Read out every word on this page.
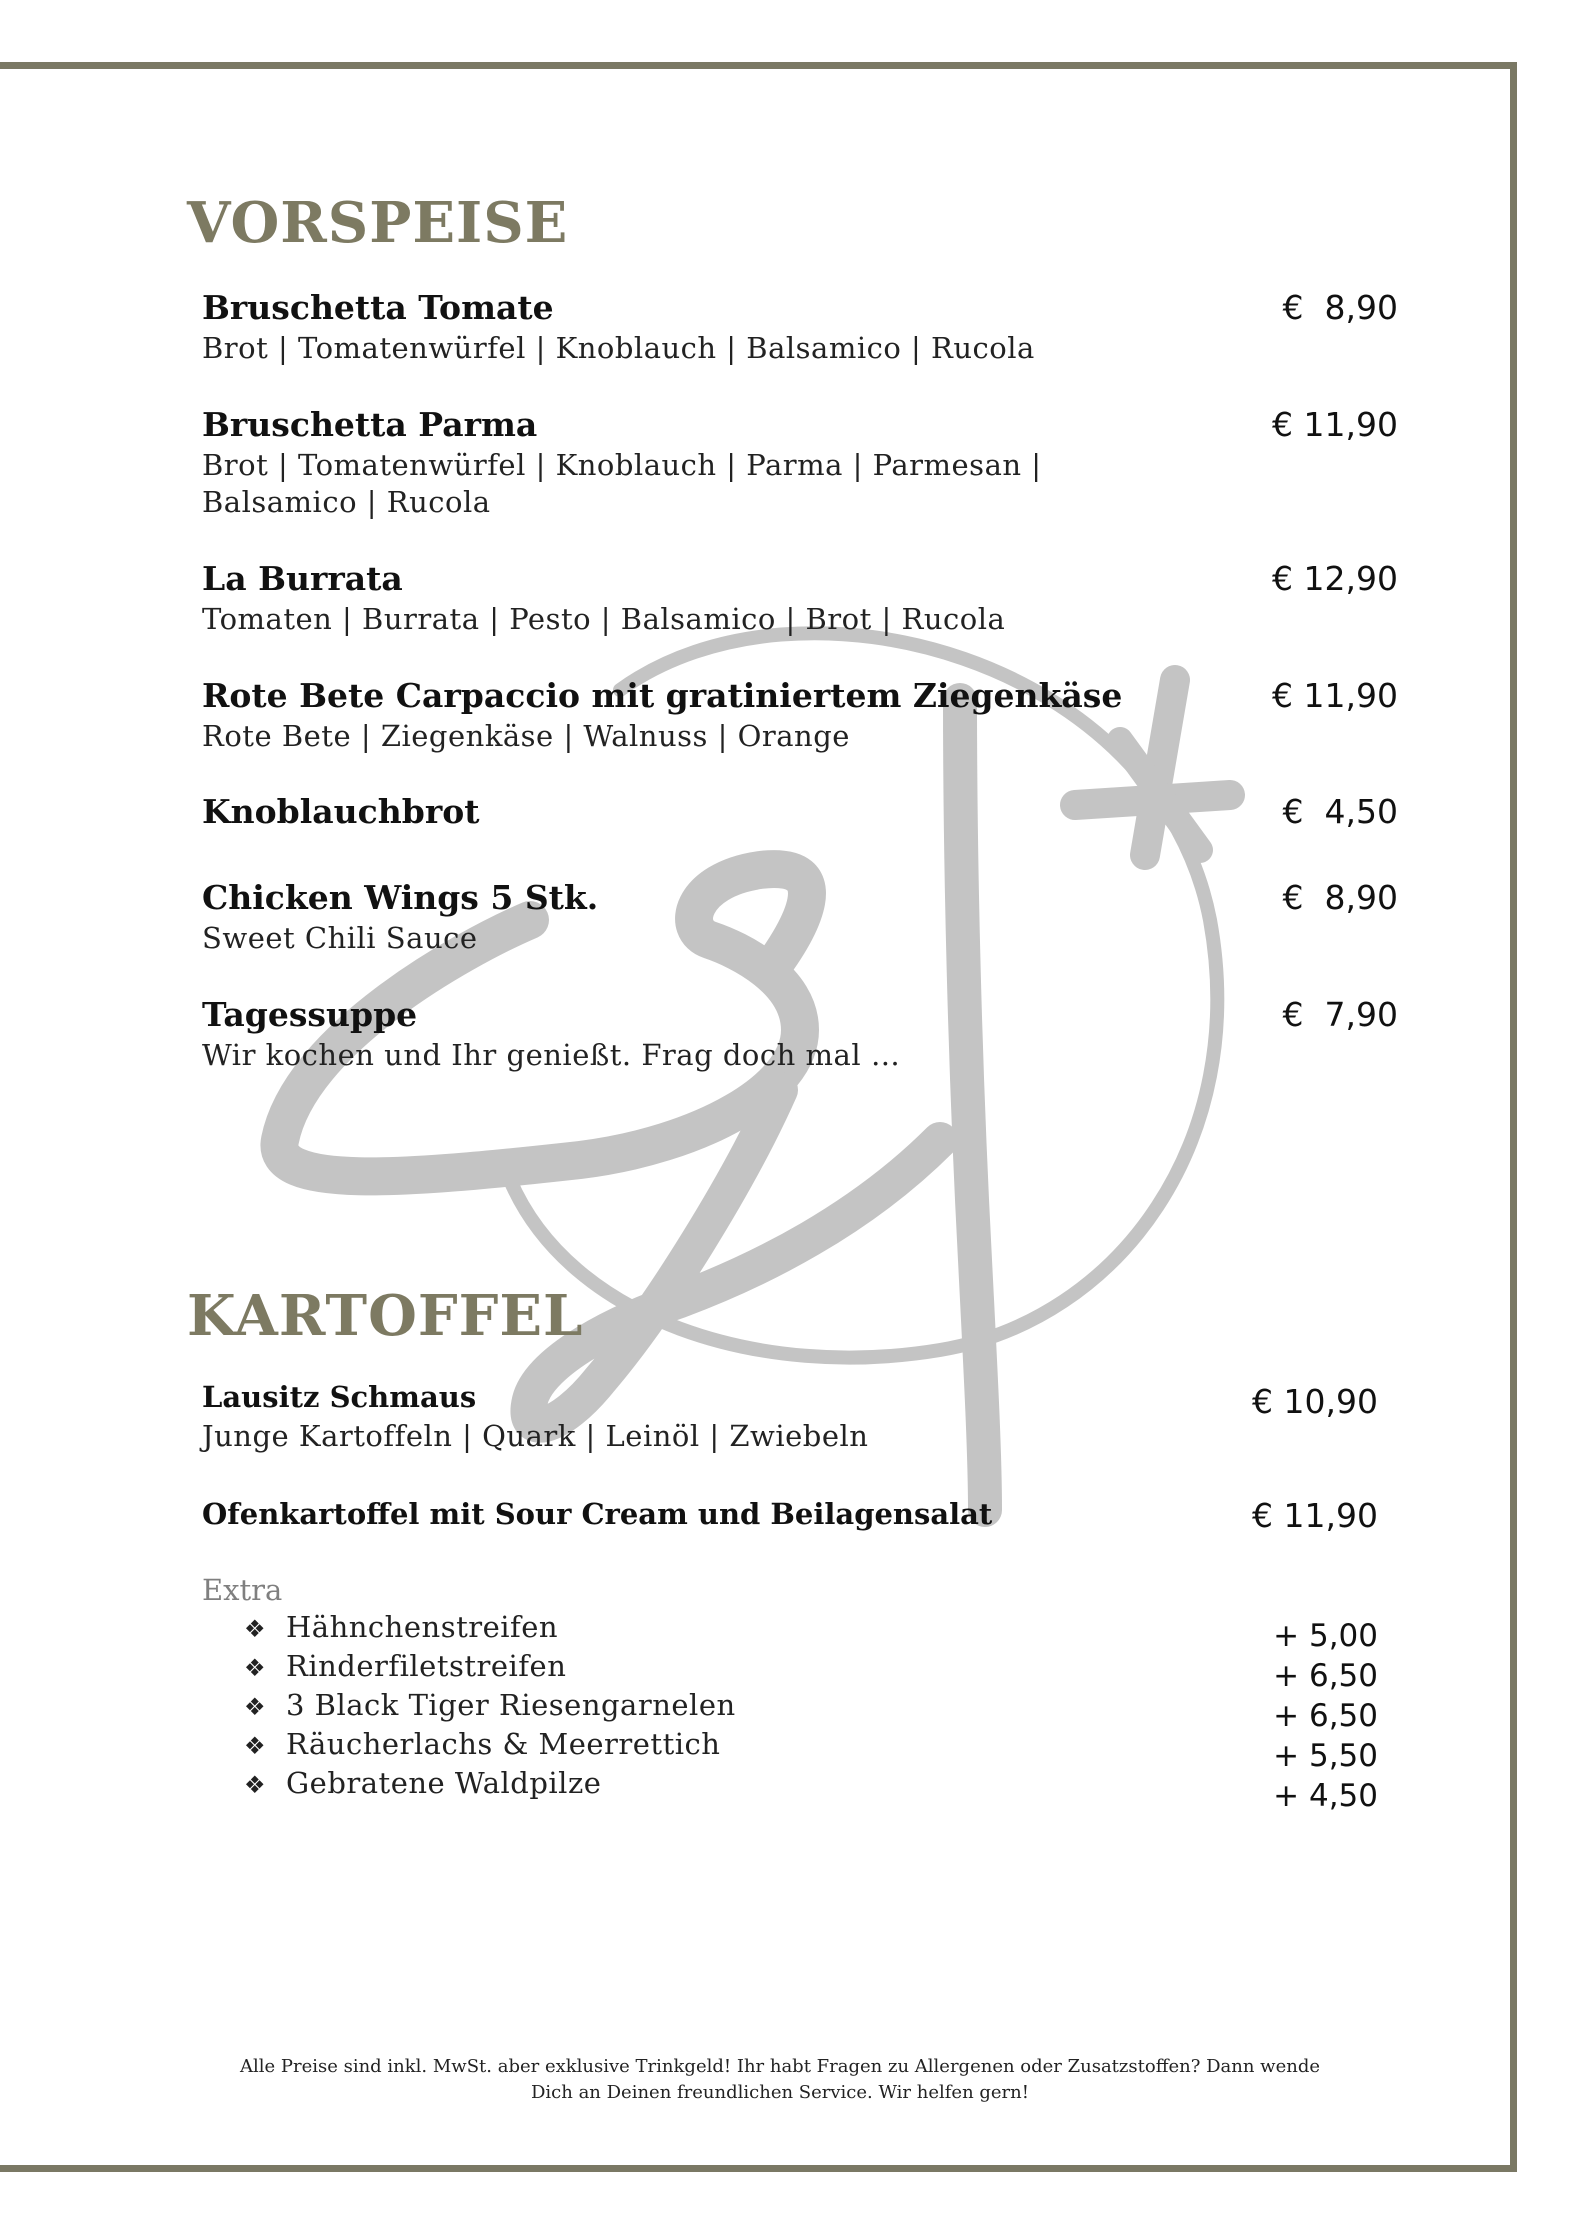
VORSPEISE
Bruschetta Tomate
Brot | Tomatenwürfel | Knoblauch | Balsamico | Rucola
€  8,90
Bruschetta Parma
Brot | Tomatenwürfel | Knoblauch | Parma | Parmesan | Balsamico | Rucola
€ 11,90
La Burrata
Tomaten | Burrata | Pesto | Balsamico | Brot | Rucola
€ 12,90
Rote Bete Carpaccio mit gratiniertem Ziegenkäse
Rote Bete | Ziegenkäse | Walnuss | Orange
€ 11,90
Knoblauchbrot	€  4,50
Chicken Wings 5 Stk.
Sweet Chili Sauce
€  8,90
Tagessuppe
Wir kochen und Ihr genießt. Frag doch mal …
€  7,90
KARTOFFEL
Lausitz Schmaus
Junge Kartoffeln | Quark | Leinöl | Zwiebeln
€ 10,90
Ofenkartoffel mit Sour Cream und Beilagensalat	€ 11,90
Extra
❖ Hähnchenstreifen
❖ Rinderfiletstreifen
❖ 3 Black Tiger Riesengarnelen
❖ Räucherlachs & Meerrettich
❖ Gebratene Waldpilze
+ 5,00
+ 6,50
+ 6,50
+ 5,50
+ 4,50
Alle Preise sind inkl. MwSt. aber exklusive Trinkgeld! Ihr habt Fragen zu Allergenen oder Zusatzstoffen? Dann wende
Dich an Deinen freundlichen Service. Wir helfen gern!
